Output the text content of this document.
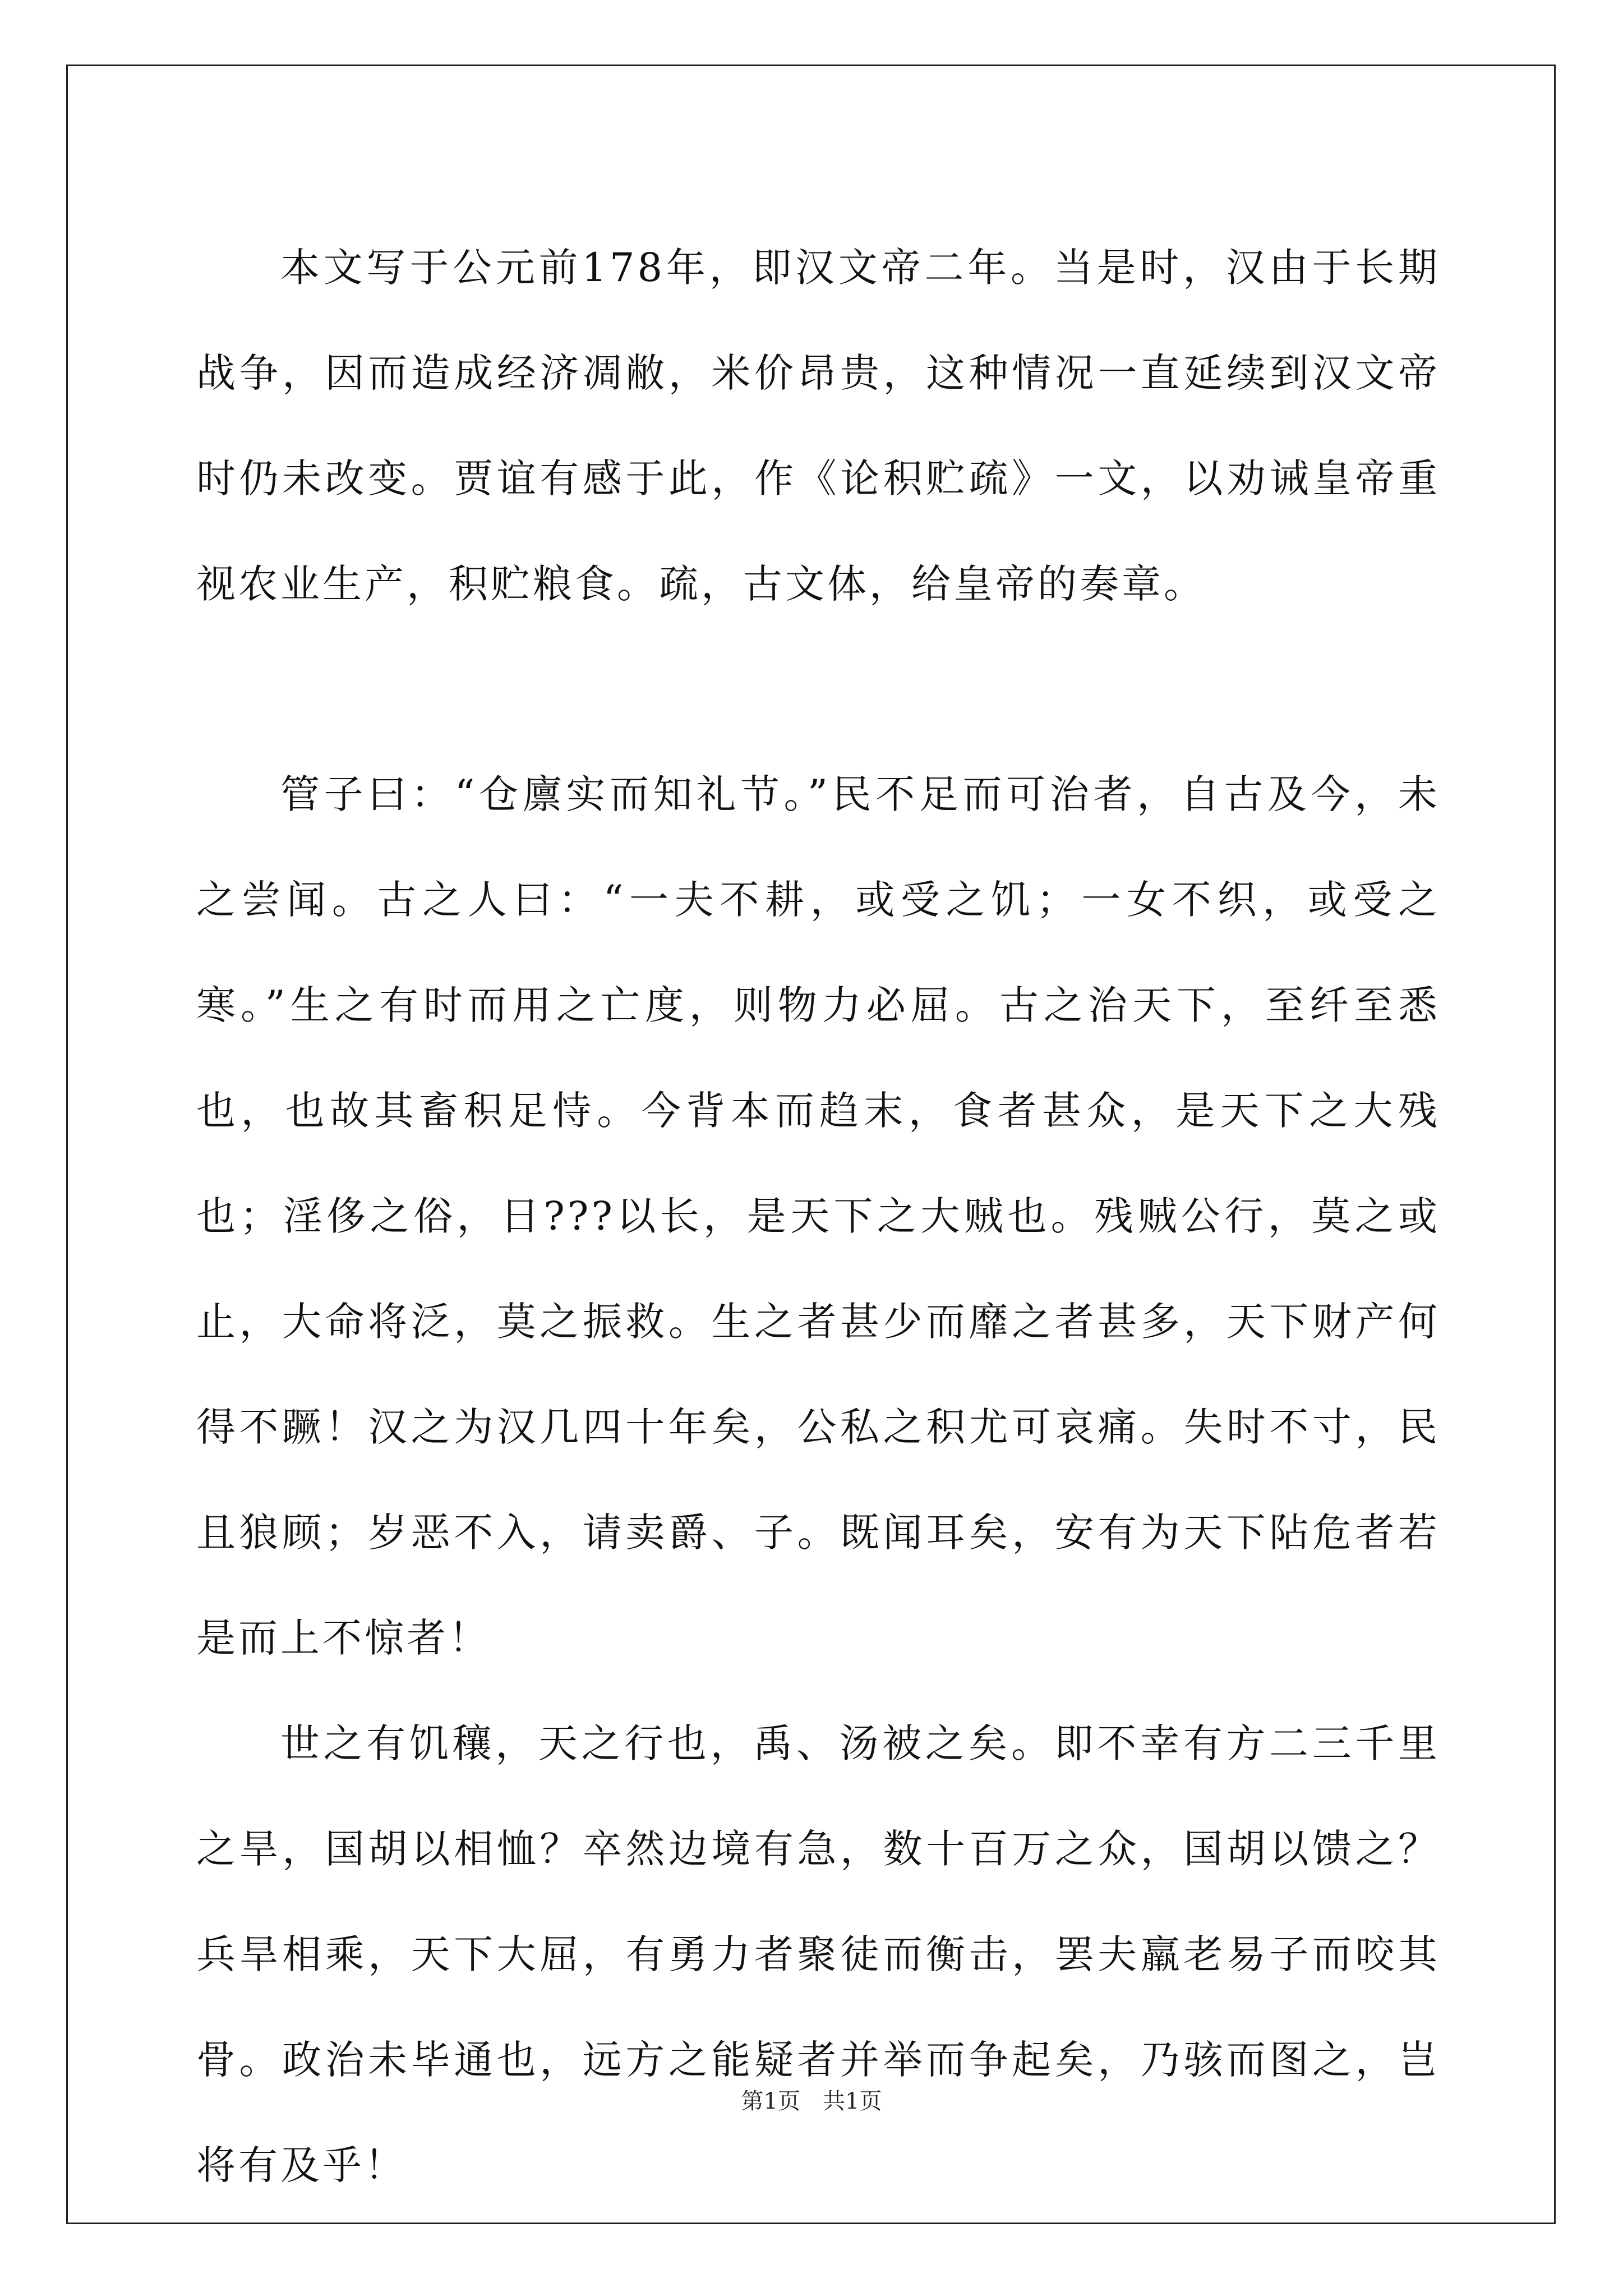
本文写于公元前178年，即汉文帝二年。当是时，汉由于长期战争，因而造成经济凋敝，米价昂贵，这种情况一直延续到汉文帝时仍未改变。贾谊有感于此，作《论积贮疏》一文，以劝诫皇帝重视农业生产，积贮粮食。疏，古文体，给皇帝的奏章。

管子曰：“仓廪实而知礼节。”民不足而可治者，自古及今，未之尝闻。古之人曰：“一夫不耕，或受之饥；一女不织，或受之寒。”生之有时而用之亡度，则物力必屈。古之治天下，至纤至悉也，也故其畜积足恃。今背本而趋末，食者甚众，是天下之大残也；淫侈之俗，日???以长，是天下之大贼也。残贼公行，莫之或止，大命将泛，莫之振救。生之者甚少而靡之者甚多，天下财产何得不蹶！汉之为汉几四十年矣，公私之积尤可哀痛。失时不寸，民且狼顾；岁恶不入，请卖爵、子。既闻耳矣，安有为天下阽危者若是而上不惊者！

世之有饥穰，天之行也，禹、汤被之矣。即不幸有方二三千里之旱，国胡以相恤？卒然边境有急，数十百万之众，国胡以馈之？兵旱相乘，天下大屈，有勇力者聚徒而衡击，罢夫羸老易子而咬其骨。政治未毕通也，远方之能疑者并举而争起矣，乃骇而图之，岂将有及乎！

第1页　共1页
